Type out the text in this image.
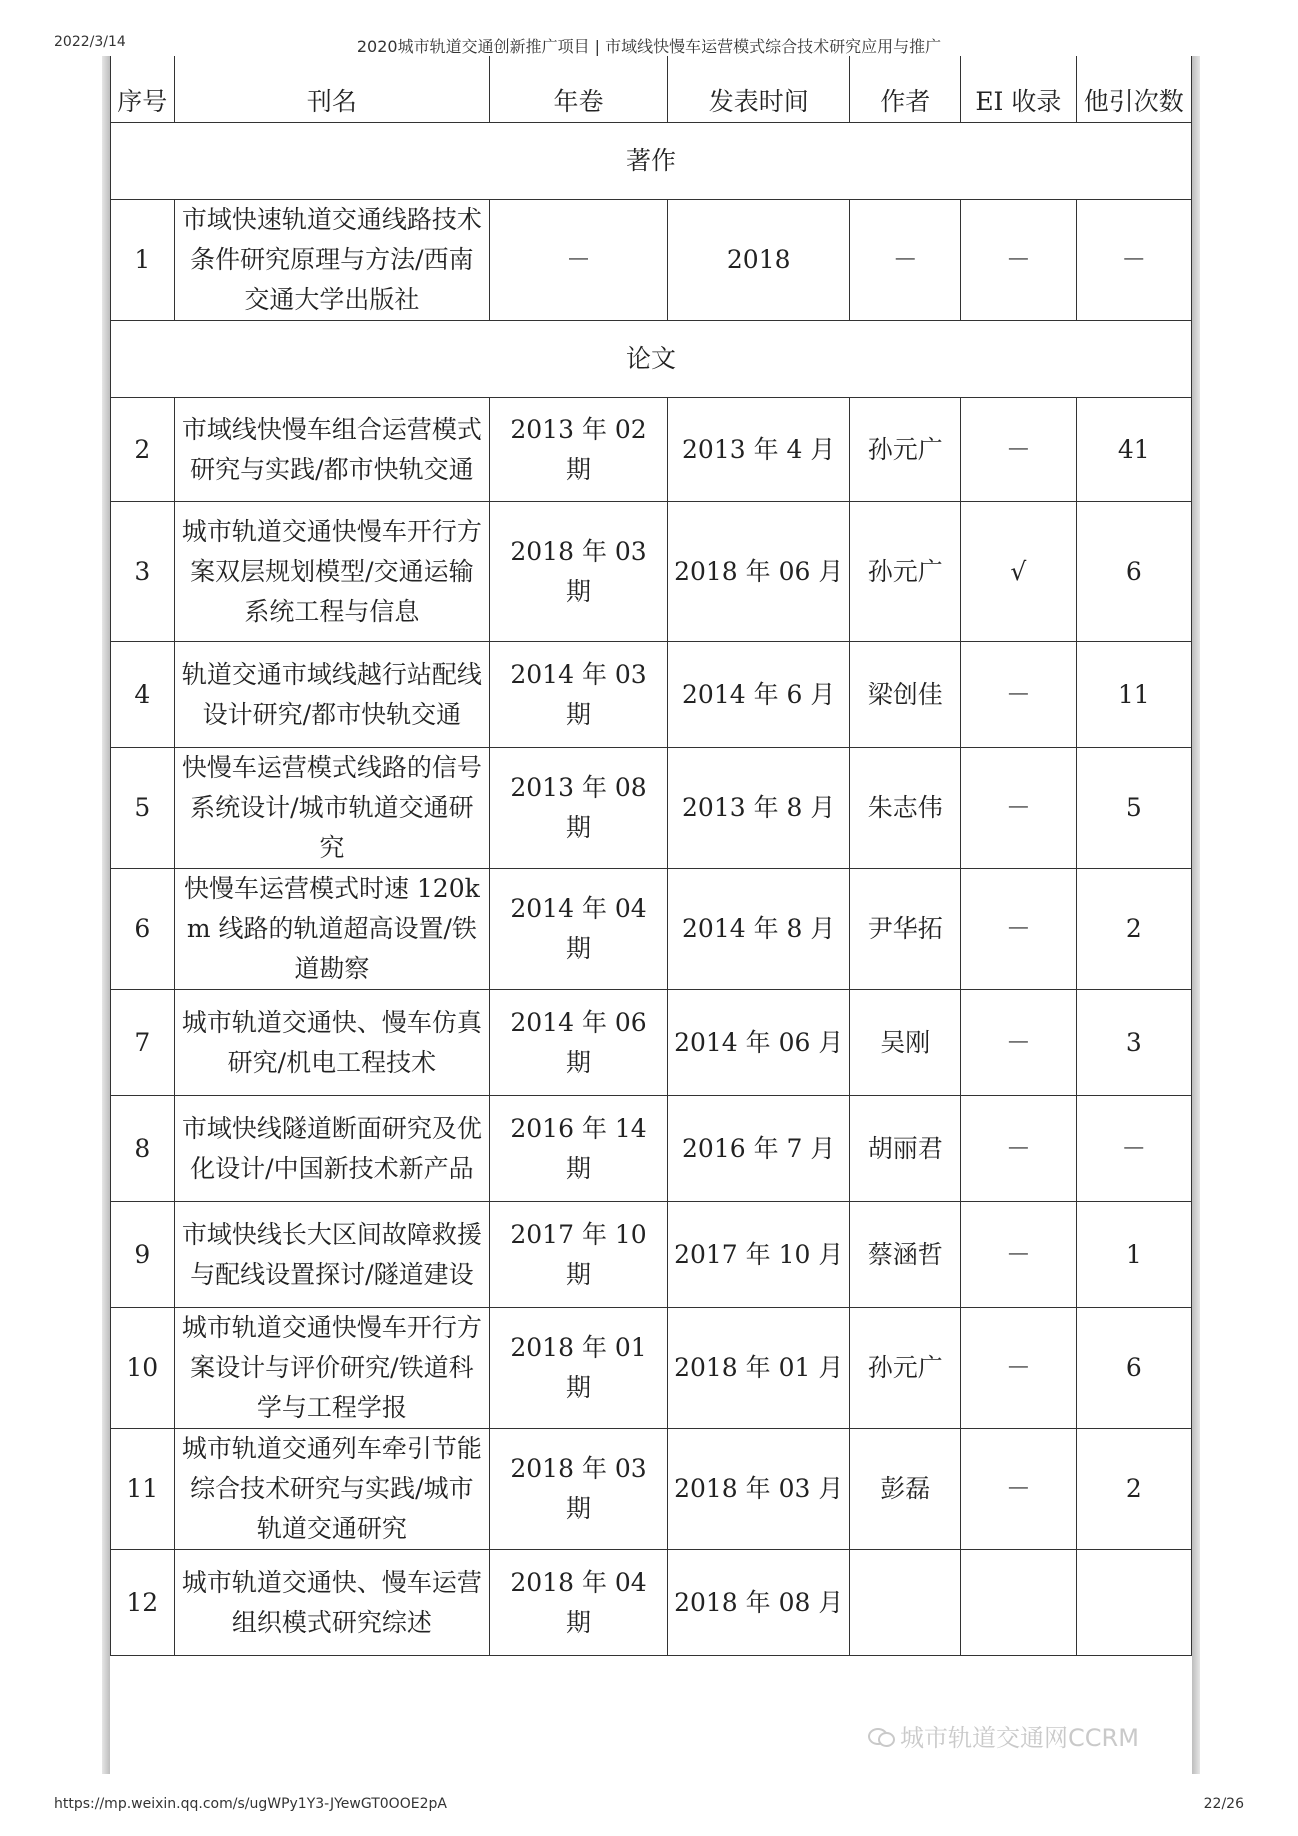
2022/3/14	2020城市轨道交通创新推广项目 | 市域线快慢车运营模式综合技术研究应用与推广
序号	刊名	年卷	发表时间	作者	EI 收录	他引次数
著作						
1	市域快速轨道交通线路技术条件研究原理与方法/西南交通大学出版社	－	2018	－	－	－
论文						
2	市域线快慢车组合运营模式研究与实践/都市快轨交通	2013 年 02 期	2013 年 4 月	孙元广	－	41
3	城市轨道交通快慢车开行方案双层规划模型/交通运输系统工程与信息	2018 年 03 期	2018 年 06 月	孙元广	√	6
4	轨道交通市域线越行站配线设计研究/都市快轨交通	2014 年 03 期	2014 年 6 月	梁创佳	－	11
5	快慢车运营模式线路的信号系统设计/城市轨道交通研究	2013 年 08 期	2013 年 8 月	朱志伟	－	5
6	快慢车运营模式时速 120km 线路的轨道超高设置/铁道勘察	2014 年 04 期	2014 年 8 月	尹华拓	－	2
7	城市轨道交通快、慢车仿真研究/机电工程技术	2014 年 06 期	2014 年 06 月	吴刚	－	3
8	市域快线隧道断面研究及优化设计/中国新技术新产品	2016 年 14 期	2016 年 7 月	胡丽君	－	－
9	市域快线长大区间故障救援与配线设置探讨/隧道建设	2017 年 10 期	2017 年 10 月	蔡涵哲	－	1
10	城市轨道交通快慢车开行方案设计与评价研究/铁道科学与工程学报	2018 年 01 期	2018 年 01 月	孙元广	－	6
11	城市轨道交通列车牵引节能综合技术研究与实践/城市轨道交通研究	2018 年 03 期	2018 年 03 月	彭磊	－	2
12	城市轨道交通快、慢车运营组织模式研究综述	2018 年 04 期	2018 年 08 月			
城市轨道交通网CCRM
https://mp.weixin.qq.com/s/ugWPy1Y3-JYewGT0OOE2pA	22/26
